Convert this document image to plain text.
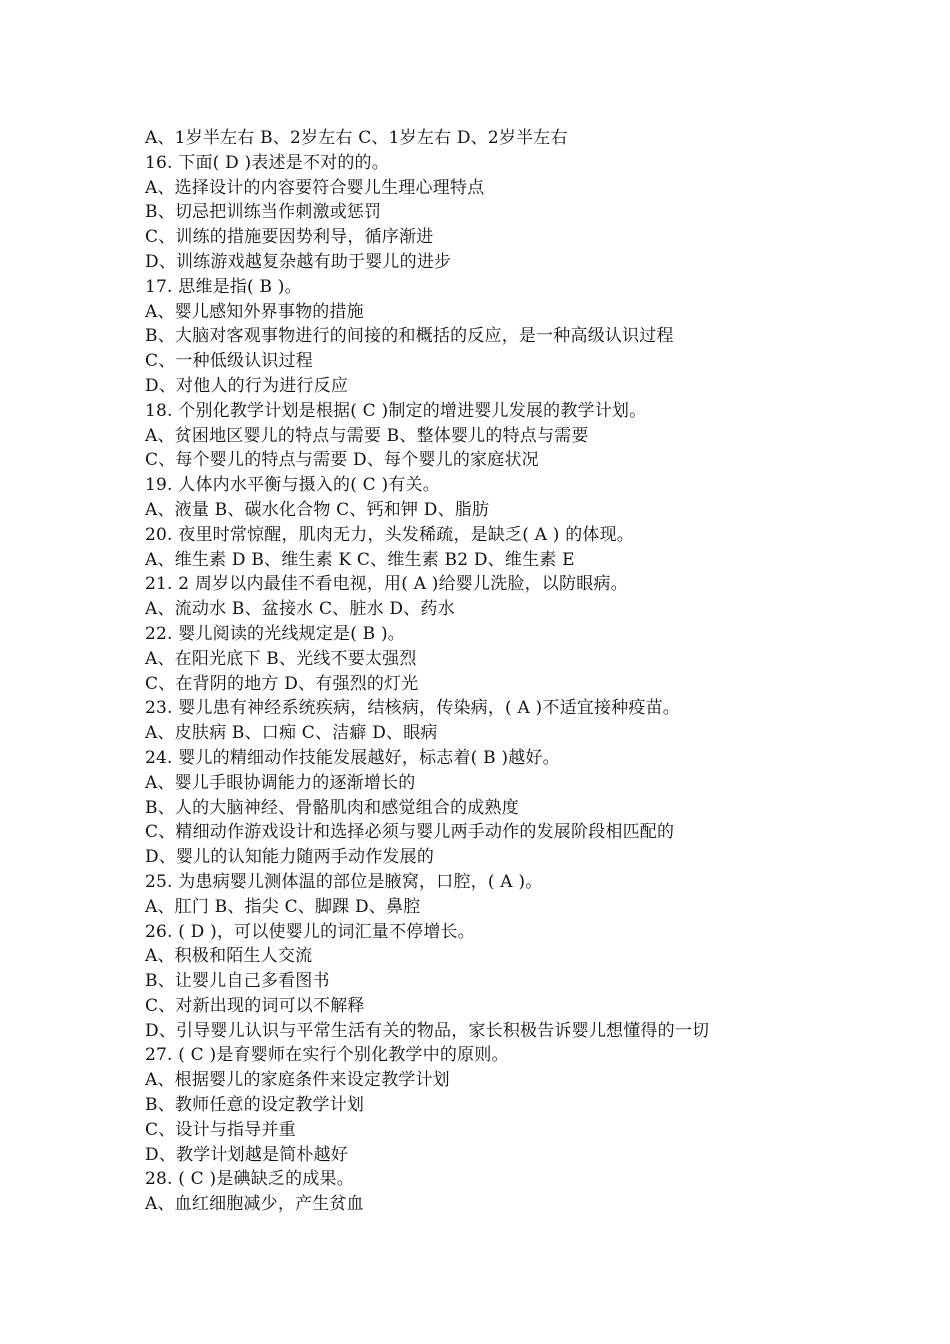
A、1岁半左右 B、2岁左右 C、1岁左右 D、2岁半左右
16. 下面( D )表述是不对的的。
A、选择设计的内容要符合婴儿生理心理特点
B、切忌把训练当作刺激或惩罚
C、训练的措施要因势利导，循序渐进
D、训练游戏越复杂越有助于婴儿的进步
17. 思维是指( B )。
A、婴儿感知外界事物的措施
B、大脑对客观事物进行的间接的和概括的反应，是一种高级认识过程
C、一种低级认识过程
D、对他人的行为进行反应
18. 个别化教学计划是根据( C )制定的增进婴儿发展的教学计划。
A、贫困地区婴儿的特点与需要 B、整体婴儿的特点与需要
C、每个婴儿的特点与需要 D、每个婴儿的家庭状况
19. 人体内水平衡与摄入的( C )有关。
A、液量 B、碳水化合物 C、钙和钾 D、脂肪
20. 夜里时常惊醒，肌肉无力，头发稀疏，是缺乏( A ) 的体现。
A、维生素 D B、维生素 K C、维生素 B2 D、维生素 E
21. 2 周岁以内最佳不看电视，用( A )给婴儿洗脸，以防眼病。
A、流动水 B、盆接水 C、脏水 D、药水
22. 婴儿阅读的光线规定是( B )。
A、在阳光底下 B、光线不要太强烈
C、在背阴的地方 D、有强烈的灯光
23. 婴儿患有神经系统疾病，结核病，传染病，( A )不适宜接种疫苗。
A、皮肤病 B、口痴 C、洁癖 D、眼病
24. 婴儿的精细动作技能发展越好，标志着( B )越好。
A、婴儿手眼协调能力的逐渐增长的
B、人的大脑神经、骨骼肌肉和感觉组合的成熟度
C、精细动作游戏设计和选择必须与婴儿两手动作的发展阶段相匹配的
D、婴儿的认知能力随两手动作发展的
25. 为患病婴儿测体温的部位是腋窝，口腔，( A )。
A、肛门 B、指尖 C、脚踝 D、鼻腔
26. ( D )，可以使婴儿的词汇量不停增长。
A、积极和陌生人交流
B、让婴儿自己多看图书
C、对新出现的词可以不解释
D、引导婴儿认识与平常生活有关的物品，家长积极告诉婴儿想懂得的一切
27. ( C )是育婴师在实行个别化教学中的原则。
A、根据婴儿的家庭条件来设定教学计划
B、教师任意的设定教学计划
C、设计与指导并重
D、教学计划越是简朴越好
28. ( C )是碘缺乏的成果。
A、血红细胞减少，产生贫血
